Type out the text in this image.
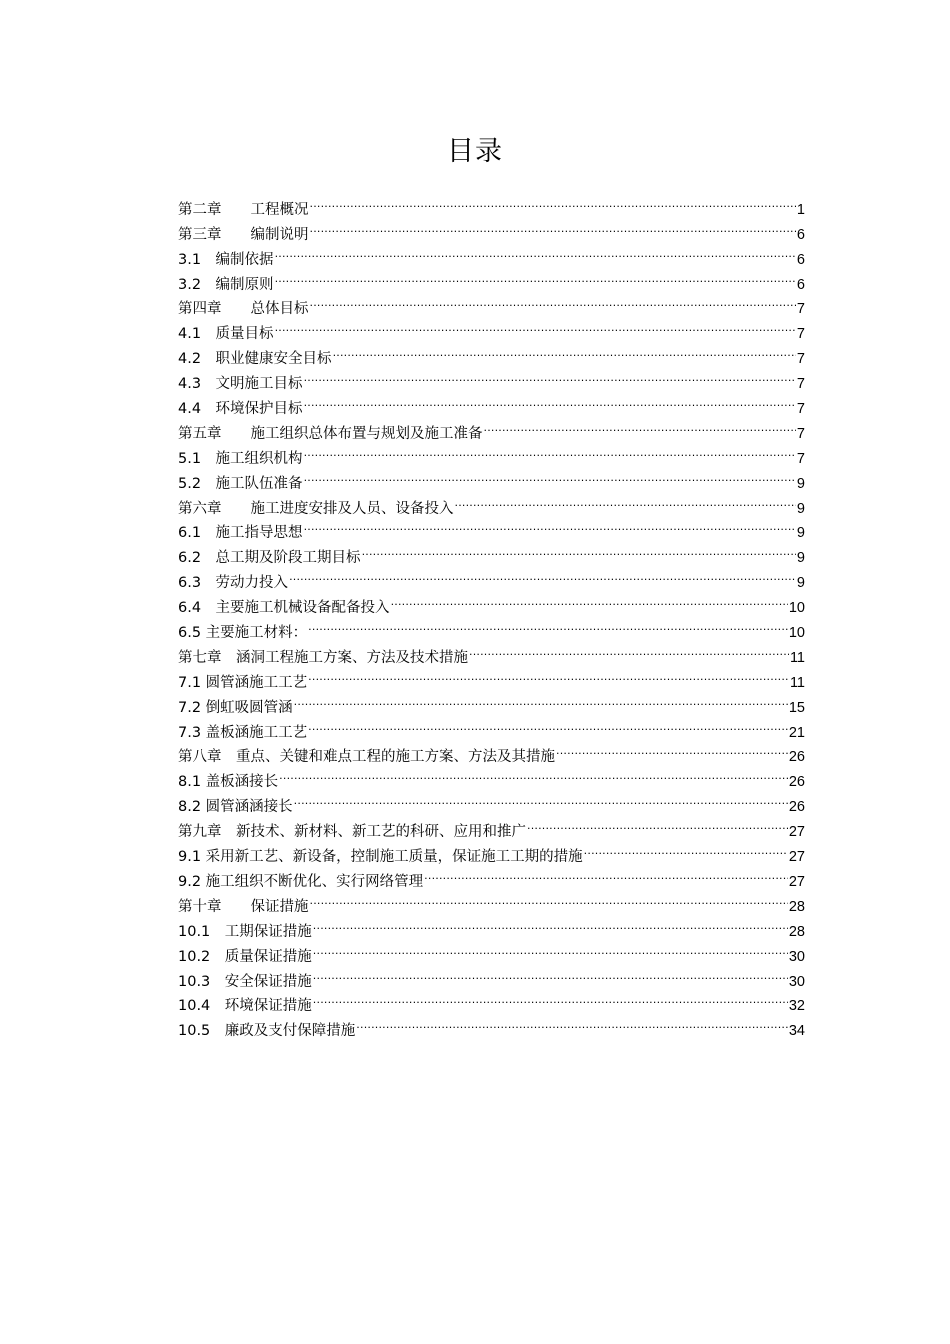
目录
第二章　　工程概况 .....	1
第三章　　编制说明 .....	6
3.1　编制依据 .....	6
3.2　编制原则 .....	6
第四章　　总体目标 .....	7
4.1　质量目标 .....	7
4.2　职业健康安全目标 .....	7
4.3　文明施工目标 .....	7
4.4　环境保护目标 .....	7
第五章　　施工组织总体布置与规划及施工准备 .....	7
5.1　施工组织机构 .....	7
5.2　施工队伍准备 .....	9
第六章　　施工进度安排及人员、设备投入 .....	9
6.1　施工指导思想 .....	9
6.2　总工期及阶段工期目标 .....	9
6.3　劳动力投入 .....	9
6.4　主要施工机械设备配备投入 .....	10
6.5 主要施工材料： .....	10
第七章　涵洞工程施工方案、方法及技术措施 .....	11
7.1 圆管涵施工工艺 .....	11
7.2 倒虹吸圆管涵 .....	15
7.3 盖板涵施工工艺 .....	21
第八章　重点、关键和难点工程的施工方案、方法及其措施 .....	26
8.1 盖板涵接长 .....	26
8.2 圆管涵涵接长 .....	26
第九章　新技术、新材料、新工艺的科研、应用和推广 .....	27
9.1 采用新工艺、新设备，控制施工质量，保证施工工期的措施 .....	27
9.2 施工组织不断优化、实行网络管理 .....	27
第十章　　保证措施 .....	28
10.1　工期保证措施 .....	28
10.2　质量保证措施 .....	30
10.3　安全保证措施 .....	30
10.4　环境保证措施 .....	32
10.5　廉政及支付保障措施 .....	34
